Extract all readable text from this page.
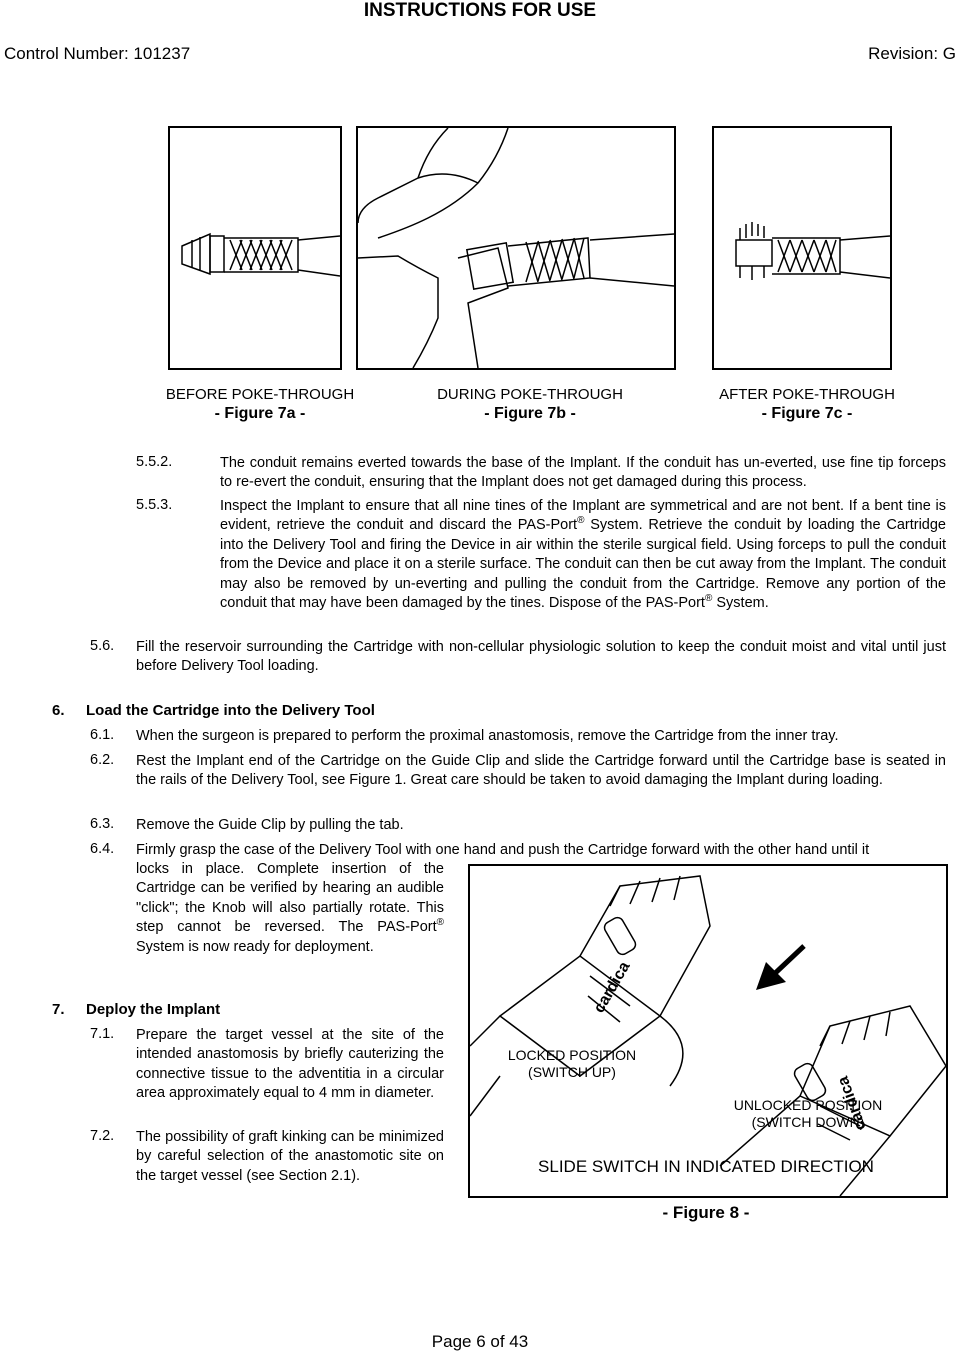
INSTRUCTIONS FOR USE
Control Number: 101237	Revision: G
BEFORE POKE-THROUGH
- Figure 7a -
DURING POKE-THROUGH
- Figure 7b -
AFTER POKE-THROUGH
- Figure 7c -
5.5.2.	The conduit remains everted towards the base of the Implant. If the conduit has un-everted, use fine tip forceps to re-evert the conduit, ensuring that the Implant does not get damaged during this process.
5.5.3.	Inspect the Implant to ensure that all nine tines of the Implant are symmetrical and are not bent. If a bent tine is evident, retrieve the conduit and discard the PAS-Port® System. Retrieve the conduit by loading the Cartridge into the Delivery Tool and firing the Device in air within the sterile surgical field. Using forceps to pull the conduit from the Device and place it on a sterile surface. The conduit can then be cut away from the Implant. The conduit may also be removed by un-everting and pulling the conduit from the Cartridge. Remove any portion of the conduit that may have been damaged by the tines. Dispose of the PAS-Port® System.
5.6. Fill the reservoir surrounding the Cartridge with non-cellular physiologic solution to keep the conduit moist and vital until just before Delivery Tool loading.
6. Load the Cartridge into the Delivery Tool
6.1. When the surgeon is prepared to perform the proximal anastomosis, remove the Cartridge from the inner tray.
6.2. Rest the Implant end of the Cartridge on the Guide Clip and slide the Cartridge forward until the Cartridge base is seated in the rails of the Delivery Tool, see Figure 1. Great care should be taken to avoid damaging the Implant during loading.
6.3. Remove the Guide Clip by pulling the tab.
6.4. Firmly grasp the case of the Delivery Tool with one hand and push the Cartridge forward with the other hand until it
locks in place. Complete insertion of the Cartridge can be verified by hearing an audible "click"; the Knob will also partially rotate. This step cannot be reversed. The PAS-Port® System is now ready for deployment.
7. Deploy the Implant
7.1. Prepare the target vessel at the site of the intended anastomosis by briefly cauterizing the connective tissue to the adventitia in a circular area approximately equal to 4 mm in diameter.
7.2. The possibility of graft kinking can be minimized by careful selection of the anastomotic site on the target vessel (see Section 2.1).
cardica
cardica
LOCKED POSITION
(SWITCH UP)
UNLOCKED POSITION
(SWITCH DOWN)
SLIDE SWITCH IN INDICATED DIRECTION
- Figure 8 -
Page 6 of 43
